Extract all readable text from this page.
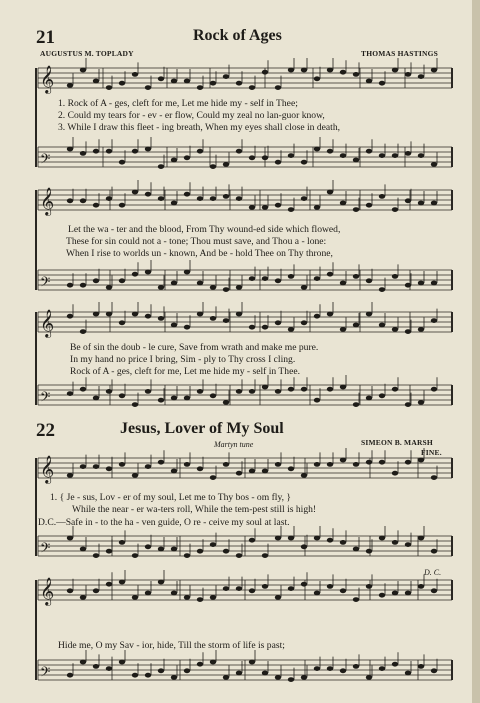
𝄞
𝄢
𝄞
𝄢
𝄞
𝄢
𝄞
𝄢
𝄞
𝄢
21	Rock of Ages
AUGUSTUS M. TOPLADY	THOMAS HASTINGS
1. Rock of A - ges, cleft for me, Let me hide my - self in Thee;
2. Could my tears for - ev - er flow, Could my zeal no lan-guor know,
3. While I draw this fleet - ing breath, When my eyes shall close in death,
Let the wa - ter and the blood, From Thy wound-ed side which flowed,
These for sin could not a - tone; Thou must save, and Thou a - lone:
When I rise to worlds un - known, And be - hold Thee on Thy throne,
Be of sin the doub - le cure, Save from wrath and make me pure.
In my hand no price I bring, Sim - ply to Thy cross I cling.
Rock of A - ges, cleft for me, Let me hide my - self in Thee.
22	Jesus, Lover of My Soul
Martyn tune	SIMEON B. MARSH
FINE.
1. { Je - sus, Lov - er of my soul, Let me to Thy bos - om fly, }
While the near - er wa-ters roll, While the tem-pest still is high!
D.C.—Safe in - to the ha - ven guide, O re - ceive my soul at last.
D. C.
Hide me, O my Sav - ior, hide, Till the storm of life is past;
